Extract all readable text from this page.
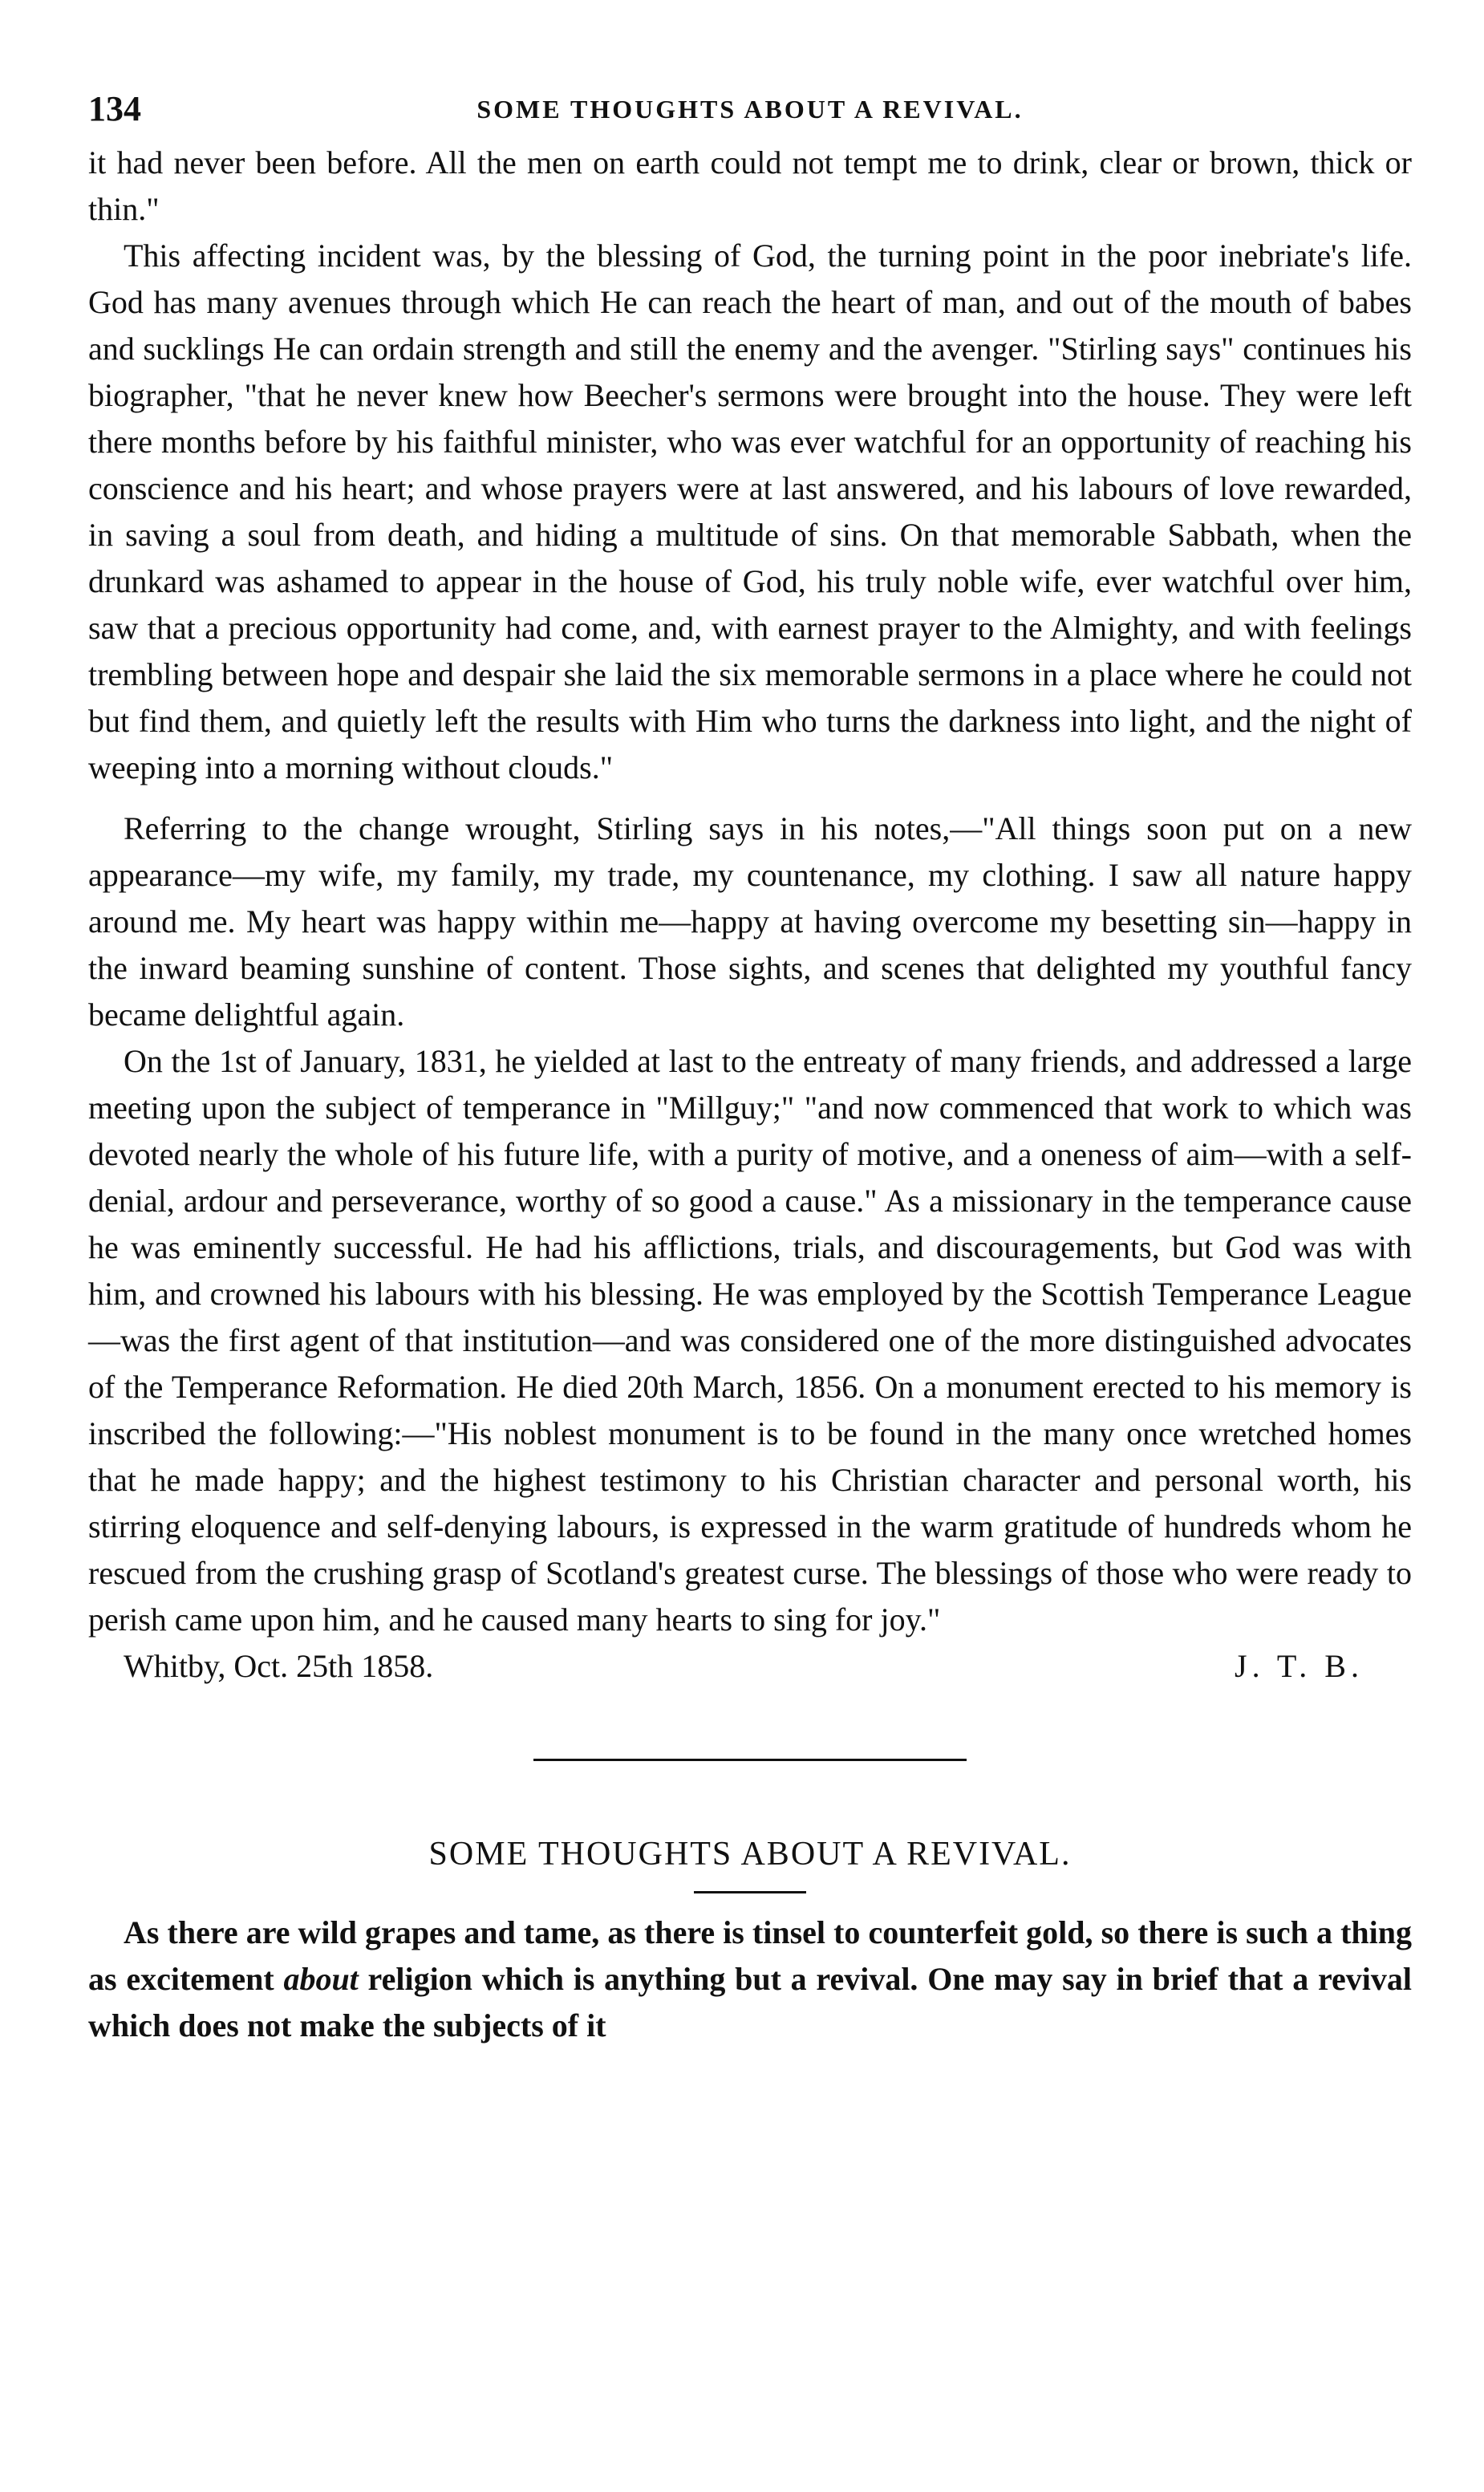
134	SOME THOUGHTS ABOUT A REVIVAL.

it had never been before. All the men on earth could not tempt me to drink, clear or brown, thick or thin."

This affecting incident was, by the blessing of God, the turning point in the poor inebriate's life. God has many avenues through which He can reach the heart of man, and out of the mouth of babes and sucklings He can ordain strength and still the enemy and the avenger. "Stirling says" continues his biographer, "that he never knew how Beecher's sermons were brought into the house. They were left there months before by his faithful minister, who was ever watchful for an opportunity of reaching his conscience and his heart; and whose prayers were at last answered, and his labours of love rewarded, in saving a soul from death, and hiding a multitude of sins. On that memorable Sabbath, when the drunkard was ashamed to appear in the house of God, his truly noble wife, ever watchful over him, saw that a precious opportunity had come, and, with earnest prayer to the Almighty, and with feelings trembling between hope and despair she laid the six memorable sermons in a place where he could not but find them, and quietly left the results with Him who turns the darkness into light, and the night of weeping into a morning without clouds."

Referring to the change wrought, Stirling says in his notes,—"All things soon put on a new appearance—my wife, my family, my trade, my countenance, my clothing. I saw all nature happy around me. My heart was happy within me—happy at having overcome my besetting sin—happy in the inward beaming sunshine of content. Those sights, and scenes that delighted my youthful fancy became delightful again.

On the 1st of January, 1831, he yielded at last to the entreaty of many friends, and addressed a large meeting upon the subject of temperance in "Millguy;" "and now commenced that work to which was devoted nearly the whole of his future life, with a purity of motive, and a oneness of aim—with a self-denial, ardour and perseverance, worthy of so good a cause." As a missionary in the temperance cause he was eminently successful. He had his afflictions, trials, and discouragements, but God was with him, and crowned his labours with his blessing. He was employed by the Scottish Temperance League—was the first agent of that institution—and was considered one of the more distinguished advocates of the Temperance Reformation. He died 20th March, 1856. On a monument erected to his memory is inscribed the following:—"His noblest monument is to be found in the many once wretched homes that he made happy; and the highest testimony to his Christian character and personal worth, his stirring eloquence and self-denying labours, is expressed in the warm gratitude of hundreds whom he rescued from the crushing grasp of Scotland's greatest curse. The blessings of those who were ready to perish came upon him, and he caused many hearts to sing for joy."

Whitby, Oct. 25th 1858.	J. T. B.
SOME THOUGHTS ABOUT A REVIVAL.

As there are wild grapes and tame, as there is tinsel to counterfeit gold, so there is such a thing as excitement about religion which is anything but a revival. One may say in brief that a revival which does not make the subjects of it
